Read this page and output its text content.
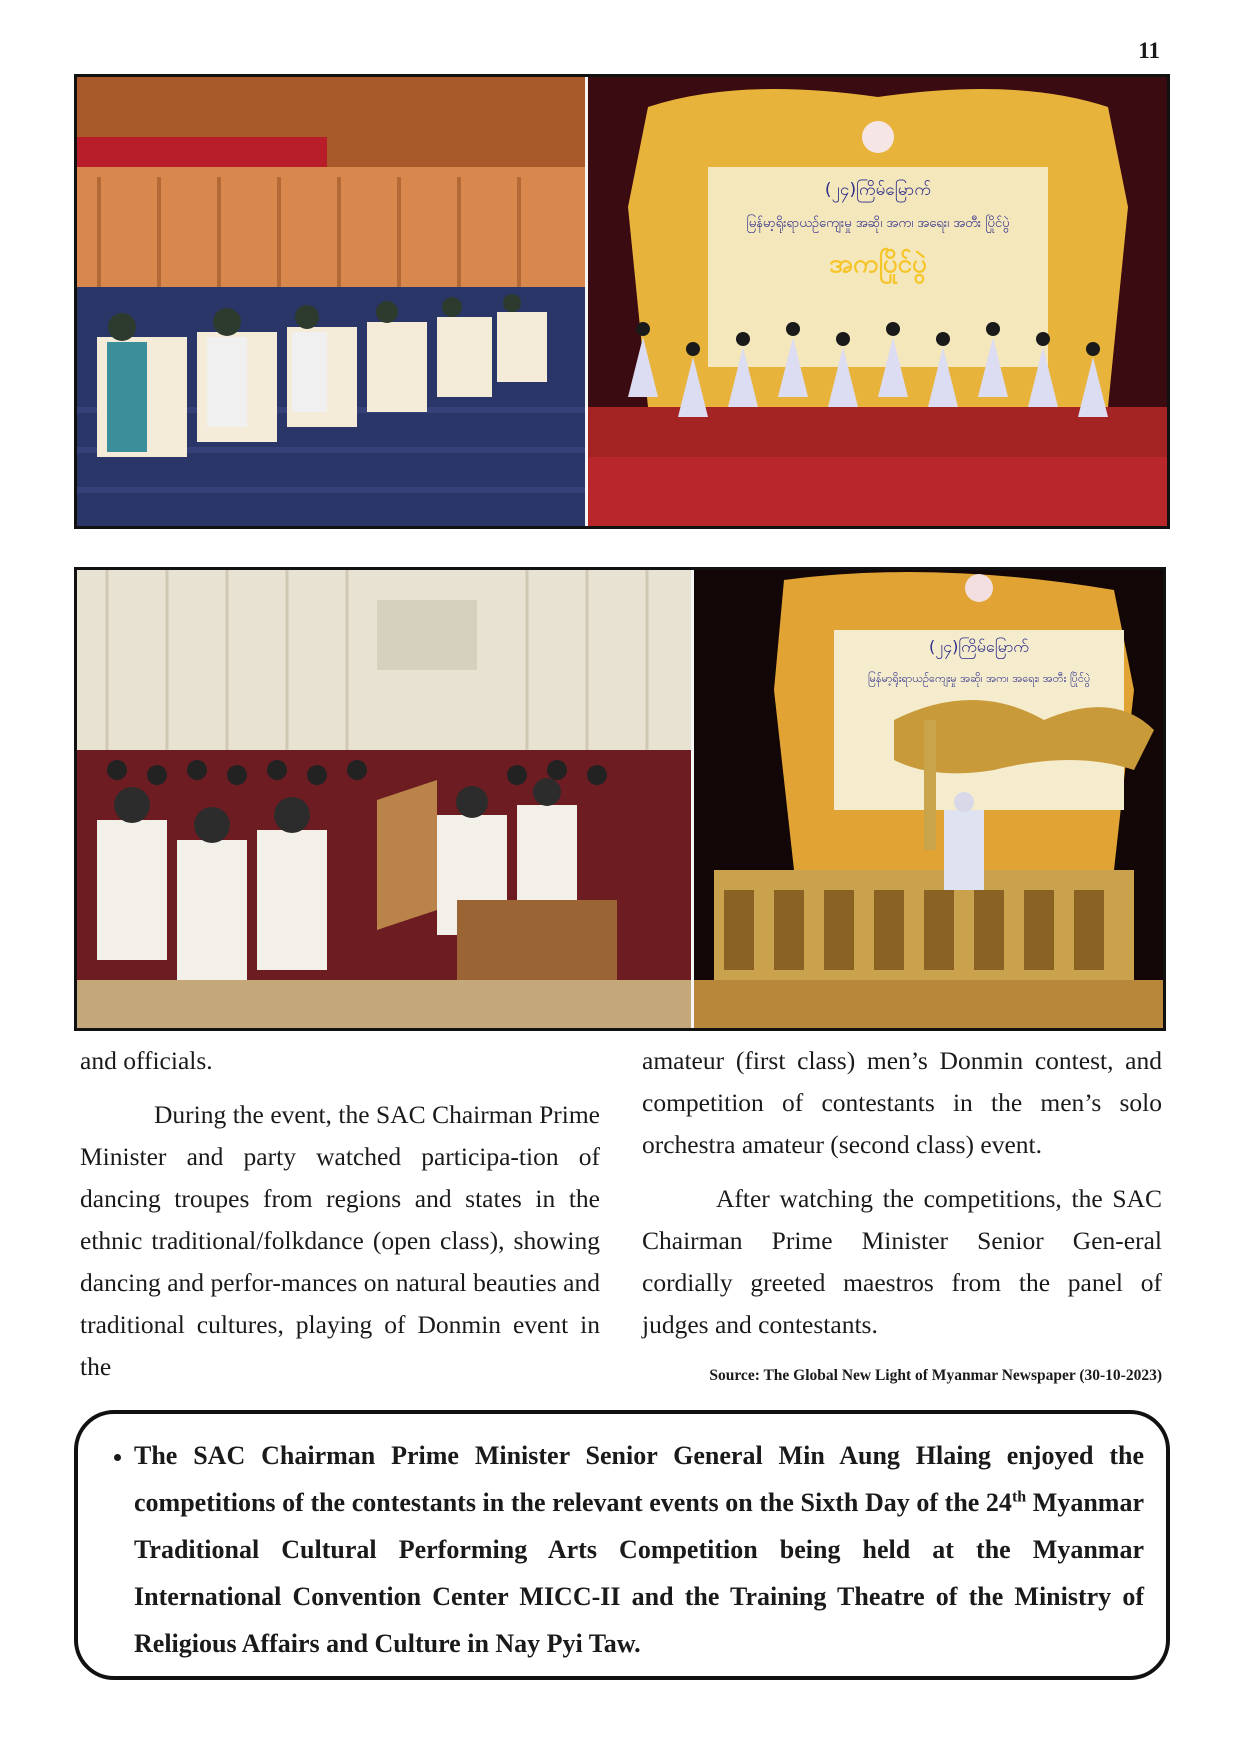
11
(၂၄)ကြိမ်မြောက်
မြန်မာ့ရိုးရာယဉ်ကျေးမှု အဆို၊ အက၊ အရေး၊ အတီး ပြိုင်ပွဲ
အကပြိုင်ပွဲ
(၂၄)ကြိမ်မြောက်
မြန်မာ့ရိုးရာယဉ်ကျေးမှု အဆို၊ အက၊ အရေး၊ အတီး ပြိုင်ပွဲ

and officials.

During the event, the SAC Chairman Prime Minister and party watched participa-tion of dancing troupes from regions and states in the ethnic traditional/folkdance (open class), showing dancing and perfor-mances on natural beauties and traditional cultures, playing of Donmin event in the

amateur (first class) men’s Donmin contest, and competition of contestants in the men’s solo orchestra amateur (second class) event.

After watching the competitions, the SAC Chairman Prime Minister Senior Gen-eral cordially greeted maestros from the panel of judges and contestants.

Source: The Global New Light of Myanmar Newspaper (30-10-2023)
• The SAC Chairman Prime Minister Senior General Min Aung Hlaing enjoyed the competitions of the contestants in the relevant events on the Sixth Day of the 24th Myanmar Traditional Cultural Performing Arts Competition being held at the Myanmar International Convention Center MICC-II and the Training Theatre of the Ministry of Religious Affairs and Culture in Nay Pyi Taw.
